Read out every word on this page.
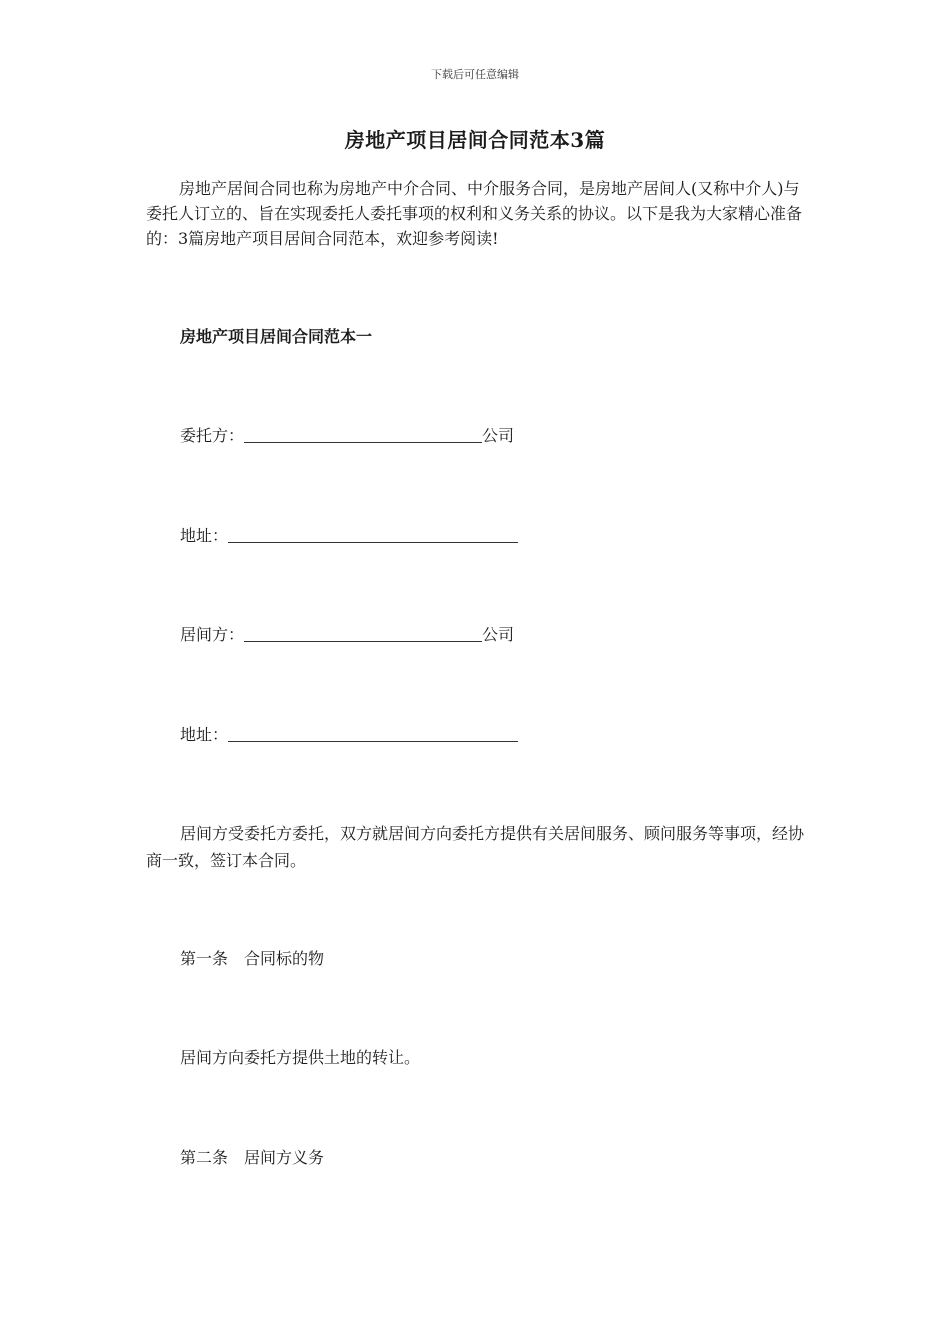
下载后可任意编辑
房地产项目居间合同范本3篇

房地产居间合同也称为房地产中介合同、中介服务合同，是房地产居间人(又称中介人)与委托人订立的、旨在实现委托人委托事项的权利和义务关系的协议。以下是我为大家精心准备的：3篇房地产项目居间合同范本，欢迎参考阅读!

房地产项目居间合同范本一
委托方：	公司
地址：
居间方：	公司
地址：

居间方受委托方委托，双方就居间方向委托方提供有关居间服务、顾问服务等事项，经协商一致，签订本合同。

第一条　合同标的物
居间方向委托方提供土地的转让。
第二条　居间方义务
